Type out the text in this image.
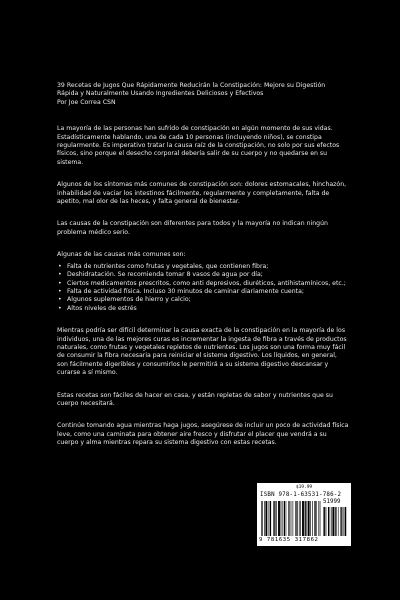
39 Recetas de Jugos Que Rápidamente Reducirán la Constipación: Mejore su Digestión
Rápida y Naturalmente Usando Ingredientes Deliciosos y Efectivos
Por Joe Correa CSN

La mayoría de las personas han sufrido de constipación en algún momento de sus vidas. Estadísticamente hablando, una de cada 10 personas (incluyendo niños), se constipa regularmente. Es imperativo tratar la causa raíz de la constipación, no solo por sus efectos físicos, sino porque el desecho corporal debería salir de su cuerpo y no quedarse en su sistema.

Algunos de los síntomas más comunes de constipación son: dolores estomacales, hinchazón, inhabilidad de vaciar los intestinos fácilmente, regularmente y completamente, falta de apetito, mal olor de las heces, y falta general de bienestar.

Las causas de la constipación son diferentes para todos y la mayoría no indican ningún problema médico serio.

Algunas de las causas más comunes son:

• Falta de nutrientes como frutas y vegetales, que contienen fibra;
• Deshidratación. Se recomienda tomar 8 vasos de agua por día;
• Ciertos medicamentos prescritos, como anti depresivos, diuréticos, antihistamínicos, etc.;
• Falta de actividad física. Incluso 30 minutos de caminar diariamente cuenta;
• Algunos suplementos de hierro y calcio;
• Altos niveles de estrés

Mientras podría ser difícil determinar la causa exacta de la constipación en la mayoría de los individuos, una de las mejores curas es incrementar la ingesta de fibra a través de productos naturales, como frutas y vegetales repletos de nutrientes. Los jugos son una forma muy fácil de consumir la fibra necesaria para reiniciar el sistema digestivo. Los líquidos, en general, son fácilmente digeribles y consumirlos le permitirá a su sistema digestivo descansar y curarse a sí mismo.

Estas recetas son fáciles de hacer en casa, y están repletas de sabor y nutrientes que su cuerpo necesitará.

Continúe tomando agua mientras haga jugos, asegúrese de incluir un poco de actividad física leve, como una caminata para obtener aire fresco y disfrutar el placer que vendrá a su cuerpo y alma mientras repara su sistema digestivo con estas recetas.

$19.99
ISBN 978-1-63531-786-2
51999
9 781635 317862
